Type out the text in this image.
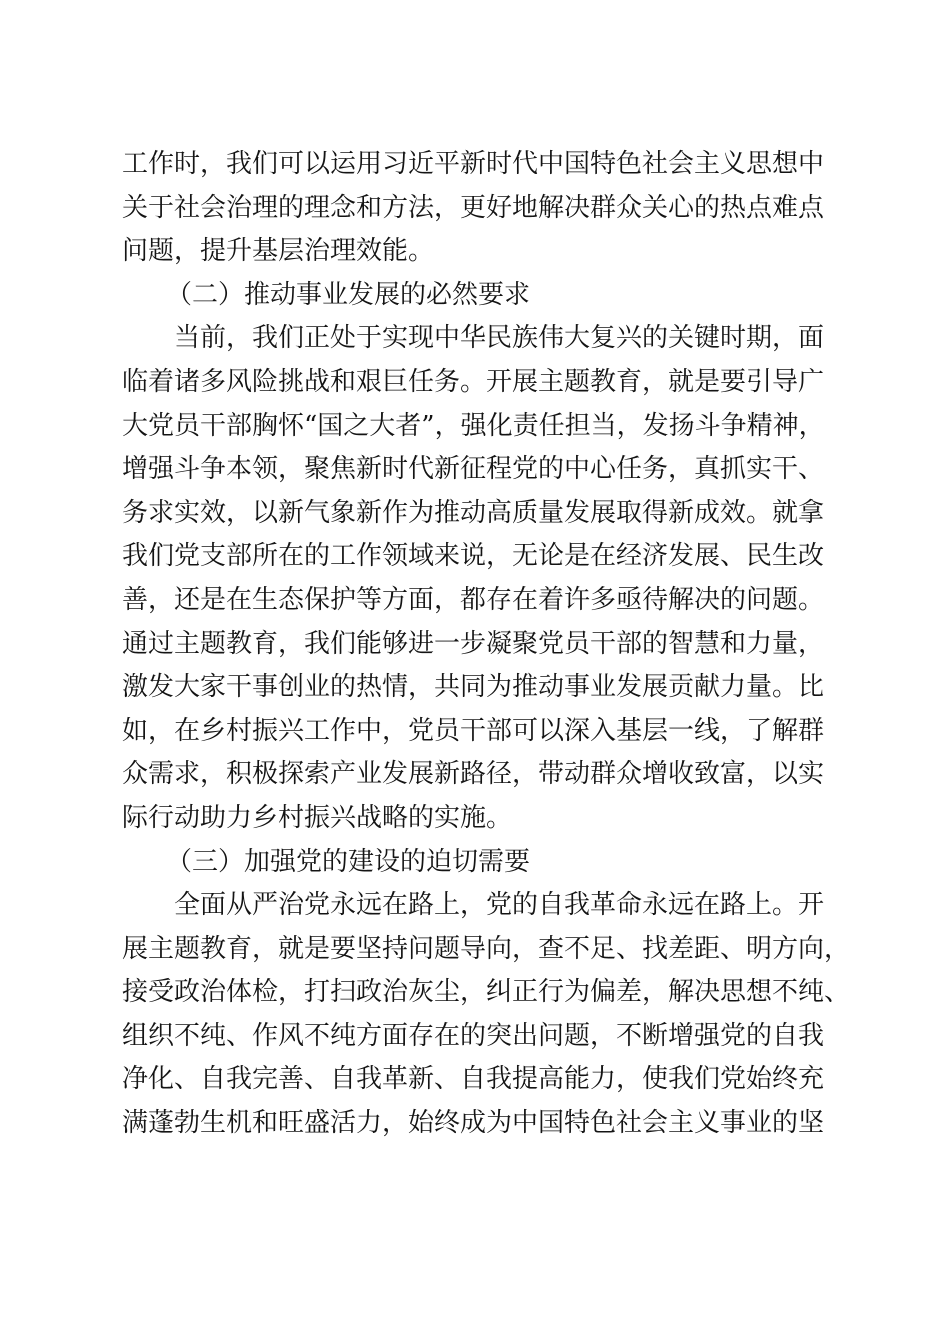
工作时，我们可以运用习近平新时代中国特色社会主义思想中
关于社会治理的理念和方法，更好地解决群众关心的热点难点
问题，提升基层治理效能。
（二）推动事业发展的必然要求
当前，我们正处于实现中华民族伟大复兴的关键时期，面
临着诸多风险挑战和艰巨任务。开展主题教育，就是要引导广
大党员干部胸怀“国之大者”，强化责任担当，发扬斗争精神，
增强斗争本领，聚焦新时代新征程党的中心任务，真抓实干、
务求实效，以新气象新作为推动高质量发展取得新成效。就拿
我们党支部所在的工作领域来说，无论是在经济发展、民生改
善，还是在生态保护等方面，都存在着许多亟待解决的问题。
通过主题教育，我们能够进一步凝聚党员干部的智慧和力量，
激发大家干事创业的热情，共同为推动事业发展贡献力量。比
如，在乡村振兴工作中，党员干部可以深入基层一线，了解群
众需求，积极探索产业发展新路径，带动群众增收致富，以实
际行动助力乡村振兴战略的实施。
（三）加强党的建设的迫切需要
全面从严治党永远在路上，党的自我革命永远在路上。开
展主题教育，就是要坚持问题导向，查不足、找差距、明方向，
接受政治体检，打扫政治灰尘，纠正行为偏差，解决思想不纯、
组织不纯、作风不纯方面存在的突出问题，不断增强党的自我
净化、自我完善、自我革新、自我提高能力，使我们党始终充
满蓬勃生机和旺盛活力，始终成为中国特色社会主义事业的坚
